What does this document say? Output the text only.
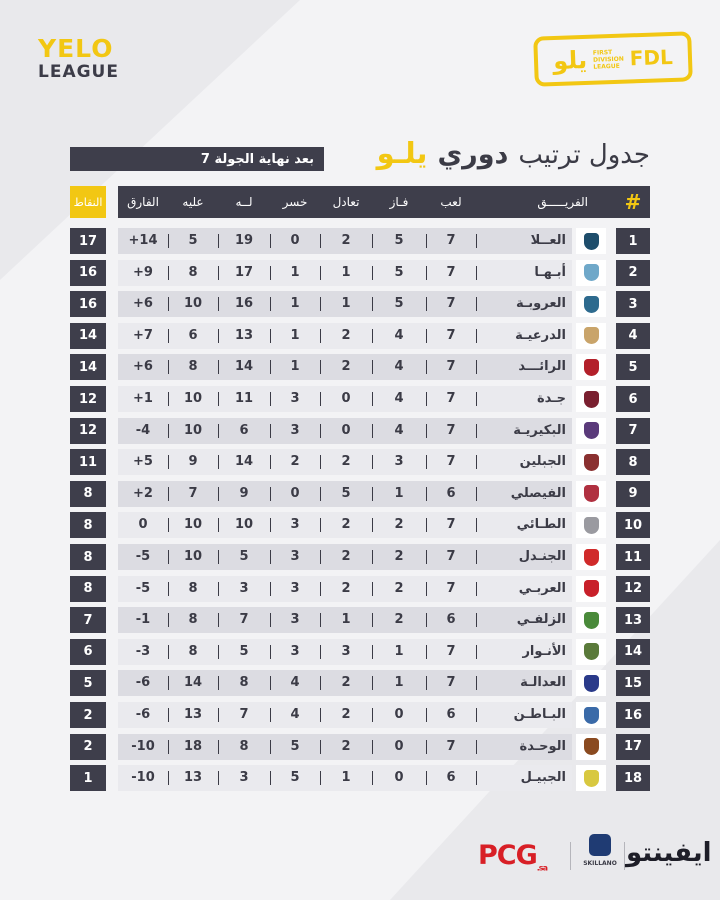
YELO
LEAGUE	يلو FIRST
DIVISION
LEAGUE FDL
جدول ترتيب
دوري
يلـو
بعد نهاية الجولة 7
النقاط	الفارق	عليه	لــه	خسر	تعادل	فـاز	لعب	الفريـــــق	#
17	+14	5	19	0	2	5	7	العــلا	1
16	+9	8	17	1	1	5	7	أبـهـا	2
16	+6	10	16	1	1	5	7	العروبـة	3
14	+7	6	13	1	2	4	7	الدرعيـة	4
14	+6	8	14	1	2	4	7	الرائـــد	5
12	+1	10	11	3	0	4	7	جـدة	6
12	-4	10	6	3	0	4	7	البكيريـة	7
11	+5	9	14	2	2	3	7	الجبلين	8
8	+2	7	9	0	5	1	6	الفيصلي	9
8	0	10	10	3	2	2	7	الطـائي	10
8	-5	10	5	3	2	2	7	الجنـدل	11
8	-5	8	3	3	2	2	7	العربـي	12
7	-1	8	7	3	1	2	6	الزلفـي	13
6	-3	8	5	3	3	1	7	الأنـوار	14
5	-6	14	8	4	2	1	7	العدالـة	15
2	-6	13	7	4	2	0	6	البـاطـن	16
2	-10	18	8	5	2	0	7	الوحـدة	17
1	-10	13	3	5	1	0	6	الجبيـل	18
$PCG_{.sa}$	SKILLANO ايفينتو
